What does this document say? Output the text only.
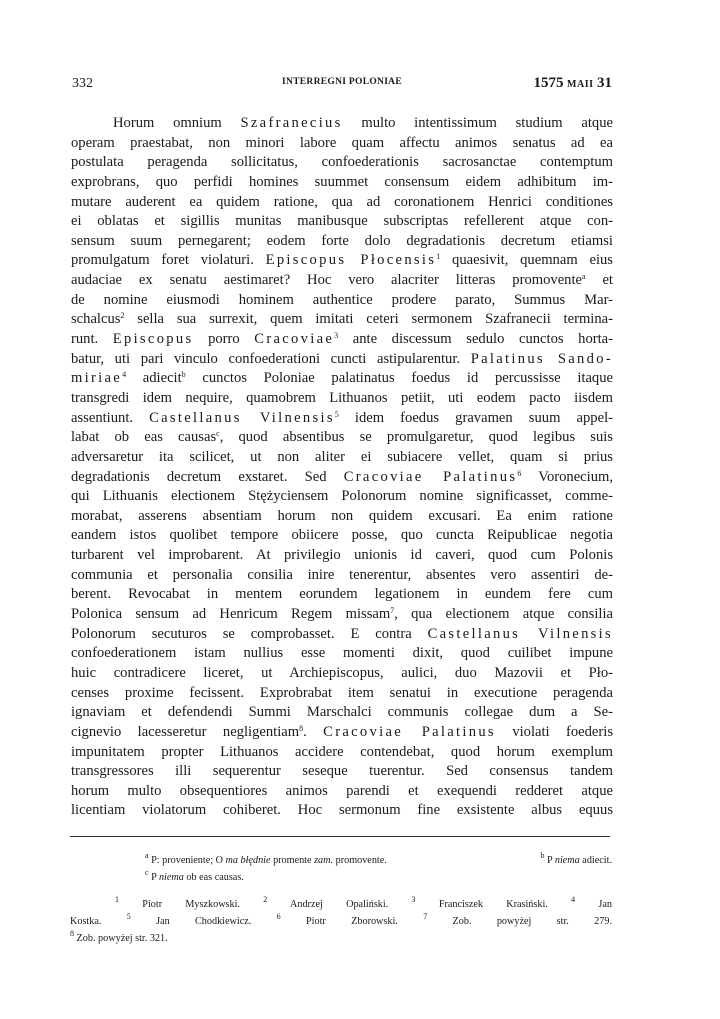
332	INTERREGNI POLONIAE	1575 MAII 31
Horum omnium Szafranecius multo intentissimum studium atque
operam praestabat, non minori labore quam affectu animos senatus ad ea
postulata peragenda sollicitatus, confoederationis sacrosanctae contemptum
exprobrans, quo perfidi homines suummet consensum eidem adhibitum im-
mutare auderent ea quidem ratione, qua ad coronationem Henrici conditiones
ei oblatas et sigillis munitas manibusque subscriptas refellerent atque con-
sensum suum pernegarent; eodem forte dolo degradationis decretum etiamsi
promulgatum foret violaturi. Episcopus Płocensis$^1$ quaesivit, quemnam eius
audaciae ex senatu aestimaret? Hoc vero alacriter litteras promovente$^a$ et
de nomine eiusmodi hominem authentice prodere parato, Summus Mar-
schalcus$^2$ sella sua surrexit, quem imitati ceteri sermonem Szafranecii termina-
runt. Episcopus porro Cracoviae$^3$ ante discessum sedulo cunctos horta-
batur, uti pari vinculo confoederationi cuncti astipularentur. Palatinus Sando-
miriae$^4$ adiecit$^b$ cunctos Poloniae palatinatus foedus id percussisse itaque
transgredi idem nequire, quamobrem Lithuanos petiit, uti eodem pacto iisdem
assentiunt. Castellanus Vilnensis$^5$ idem foedus gravamen suum appel-
labat ob eas causas$^c$, quod absentibus se promulgaretur, quod legibus suis
adversaretur ita scilicet, ut non aliter ei subiacere vellet, quam si prius
degradationis decretum exstaret. Sed Cracoviae Palatinus$^6$ Voronecium,
qui Lithuanis electionem Stężyciensem Polonorum nomine significasset, comme-
morabat, asserens absentiam horum non quidem excusari. Ea enim ratione
eandem istos quolibet tempore obiicere posse, quo cuncta Reipublicae negotia
turbarent vel improbarent. At privilegio unionis id caveri, quod cum Polonis
communia et personalia consilia inire tenerentur, absentes vero assentiri de-
berent. Revocabat in mentem eorundem legationem in eundem fere cum
Polonica sensum ad Henricum Regem missam$^7$, qua electionem atque consilia
Polonorum secuturos se comprobasset. E contra Castellanus Vilnensis
confoederationem istam nullius esse momenti dixit, quod cuilibet impune
huic contradicere liceret, ut Archiepiscopus, aulici, duo Mazovii et Pło-
censes proxime fecissent. Exprobrabat item senatui in executione peragenda
ignaviam et defendendi Summi Marschalci communis collegae dum a Se-
cignevio lacesseretur negligentiam$^8$. Cracoviae Palatinus violati foederis
impunitatem propter Lithuanos accidere contendebat, quod horum exemplum
transgressores illi sequerentur seseque tuerentur. Sed consensus tandem
horum multo obsequentiores animos parendi et exequendi redderet atque
licentiam violatorum cohiberet. Hoc sermonum fine exsistente albus equus
$^a$ P: proveniente; O ma błędnie promente zam. promovente.	$^b$ P niema adiecit.
$^c$ P niema ob eas causas.
$^1$ Piotr Myszkowski.	$^2$ Andrzej Opaliński.	$^3$ Franciszek Krasiński.	$^4$ Jan
Kostka.	$^5$ Jan Chodkiewicz.	$^6$ Piotr Zborowski.	$^7$ Zob. powyżej str. 279.
$^8$ Zob. powyżej str. 321.
